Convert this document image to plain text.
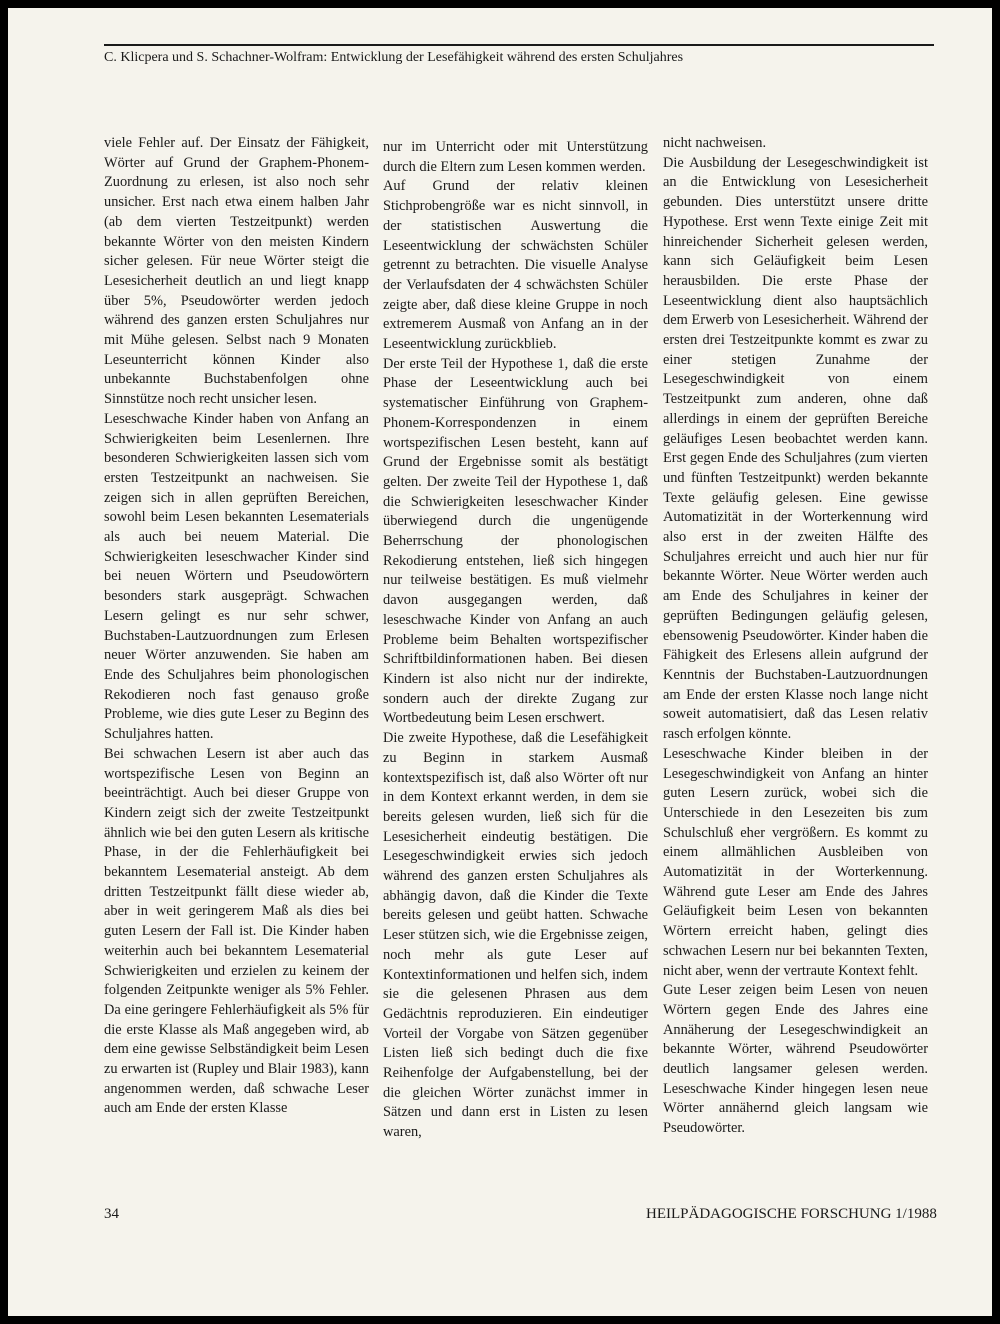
C. Klicpera und S. Schachner-Wolfram: Entwicklung der Lesefähigkeit während des ersten Schuljahres

viele Fehler auf. Der Einsatz der Fähigkeit, Wörter auf Grund der Graphem-Phonem-Zuordnung zu erlesen, ist also noch sehr unsicher. Erst nach etwa einem halben Jahr (ab dem vierten Testzeitpunkt) werden bekannte Wörter von den meisten Kindern sicher gelesen. Für neue Wörter steigt die Lesesicherheit deutlich an und liegt knapp über 5%, Pseudowörter werden jedoch während des ganzen ersten Schuljahres nur mit Mühe gelesen. Selbst nach 9 Monaten Leseunterricht können Kinder also unbekannte Buchstabenfolgen ohne Sinnstütze noch recht unsicher lesen.

Leseschwache Kinder haben von Anfang an Schwierigkeiten beim Lesenlernen. Ihre besonderen Schwierigkeiten lassen sich vom ersten Testzeitpunkt an nachweisen. Sie zeigen sich in allen geprüften Bereichen, sowohl beim Lesen bekannten Lesematerials als auch bei neuem Material. Die Schwierigkeiten leseschwacher Kinder sind bei neuen Wörtern und Pseudowörtern besonders stark ausgeprägt. Schwachen Lesern gelingt es nur sehr schwer, Buchstaben-Lautzuordnungen zum Erlesen neuer Wörter anzuwenden. Sie haben am Ende des Schuljahres beim phonologischen Rekodieren noch fast genauso große Probleme, wie dies gute Leser zu Beginn des Schuljahres hatten.

Bei schwachen Lesern ist aber auch das wortspezifische Lesen von Beginn an beeinträchtigt. Auch bei dieser Gruppe von Kindern zeigt sich der zweite Testzeitpunkt ähnlich wie bei den guten Lesern als kritische Phase, in der die Fehlerhäufigkeit bei bekanntem Lesematerial ansteigt. Ab dem dritten Testzeitpunkt fällt diese wieder ab, aber in weit geringerem Maß als dies bei guten Lesern der Fall ist. Die Kinder haben weiterhin auch bei bekanntem Lesematerial Schwierigkeiten und erzielen zu keinem der folgenden Zeitpunkte weniger als 5% Fehler. Da eine geringere Fehlerhäufigkeit als 5% für die erste Klasse als Maß angegeben wird, ab dem eine gewisse Selbständigkeit beim Lesen zu erwarten ist (Rupley und Blair 1983), kann angenommen werden, daß schwache Leser auch am Ende der ersten Klasse

nur im Unterricht oder mit Unterstützung durch die Eltern zum Lesen kommen werden.

Auf Grund der relativ kleinen Stichprobengröße war es nicht sinnvoll, in der statistischen Auswertung die Leseentwicklung der schwächsten Schüler getrennt zu betrachten. Die visuelle Analyse der Verlaufsdaten der 4 schwächsten Schüler zeigte aber, daß diese kleine Gruppe in noch extremerem Ausmaß von Anfang an in der Leseentwicklung zurückblieb.

Der erste Teil der Hypothese 1, daß die erste Phase der Leseentwicklung auch bei systematischer Einführung von Graphem-Phonem-Korrespondenzen in einem wortspezifischen Lesen besteht, kann auf Grund der Ergebnisse somit als bestätigt gelten. Der zweite Teil der Hypothese 1, daß die Schwierigkeiten leseschwacher Kinder überwiegend durch die ungenügende Beherrschung der phonologischen Rekodierung entstehen, ließ sich hingegen nur teilweise bestätigen. Es muß vielmehr davon ausgegangen werden, daß leseschwache Kinder von Anfang an auch Probleme beim Behalten wortspezifischer Schriftbildinformationen haben. Bei diesen Kindern ist also nicht nur der indirekte, sondern auch der direkte Zugang zur Wortbedeutung beim Lesen erschwert.

Die zweite Hypothese, daß die Lesefähigkeit zu Beginn in starkem Ausmaß kontextspezifisch ist, daß also Wörter oft nur in dem Kontext erkannt werden, in dem sie bereits gelesen wurden, ließ sich für die Lesesicherheit eindeutig bestätigen. Die Lesegeschwindigkeit erwies sich jedoch während des ganzen ersten Schuljahres als abhängig davon, daß die Kinder die Texte bereits gelesen und geübt hatten. Schwache Leser stützen sich, wie die Ergebnisse zeigen, noch mehr als gute Leser auf Kontextinformationen und helfen sich, indem sie die gelesenen Phrasen aus dem Gedächtnis reproduzieren. Ein eindeutiger Vorteil der Vorgabe von Sätzen gegenüber Listen ließ sich bedingt duch die fixe Reihenfolge der Aufgabenstellung, bei der die gleichen Wörter zunächst immer in Sätzen und dann erst in Listen zu lesen waren,

nicht nachweisen.

Die Ausbildung der Lesegeschwindigkeit ist an die Entwicklung von Lesesicherheit gebunden. Dies unterstützt unsere dritte Hypothese. Erst wenn Texte einige Zeit mit hinreichender Sicherheit gelesen werden, kann sich Geläufigkeit beim Lesen herausbilden. Die erste Phase der Leseentwicklung dient also hauptsächlich dem Erwerb von Lesesicherheit. Während der ersten drei Testzeitpunkte kommt es zwar zu einer stetigen Zunahme der Lesegeschwindigkeit von einem Testzeitpunkt zum anderen, ohne daß allerdings in einem der geprüften Bereiche geläufiges Lesen beobachtet werden kann. Erst gegen Ende des Schuljahres (zum vierten und fünften Testzeitpunkt) werden bekannte Texte geläufig gelesen. Eine gewisse Automatizität in der Worterkennung wird also erst in der zweiten Hälfte des Schuljahres erreicht und auch hier nur für bekannte Wörter. Neue Wörter werden auch am Ende des Schuljahres in keiner der geprüften Bedingungen geläufig gelesen, ebensowenig Pseudowörter. Kinder haben die Fähigkeit des Erlesens allein aufgrund der Kenntnis der Buchstaben-Lautzuordnungen am Ende der ersten Klasse noch lange nicht soweit automatisiert, daß das Lesen relativ rasch erfolgen könnte.

Leseschwache Kinder bleiben in der Lesegeschwindigkeit von Anfang an hinter guten Lesern zurück, wobei sich die Unterschiede in den Lesezeiten bis zum Schulschluß eher vergrößern. Es kommt zu einem allmählichen Ausbleiben von Automatizität in der Worterkennung. Während gute Leser am Ende des Jahres Geläufigkeit beim Lesen von bekannten Wörtern erreicht haben, gelingt dies schwachen Lesern nur bei bekannten Texten, nicht aber, wenn der vertraute Kontext fehlt.

Gute Leser zeigen beim Lesen von neuen Wörtern gegen Ende des Jahres eine Annäherung der Lesegeschwindigkeit an bekannte Wörter, während Pseudowörter deutlich langsamer gelesen werden. Leseschwache Kinder hingegen lesen neue Wörter annähernd gleich langsam wie Pseudowörter.

34	HEILPÄDAGOGISCHE FORSCHUNG 1/1988
